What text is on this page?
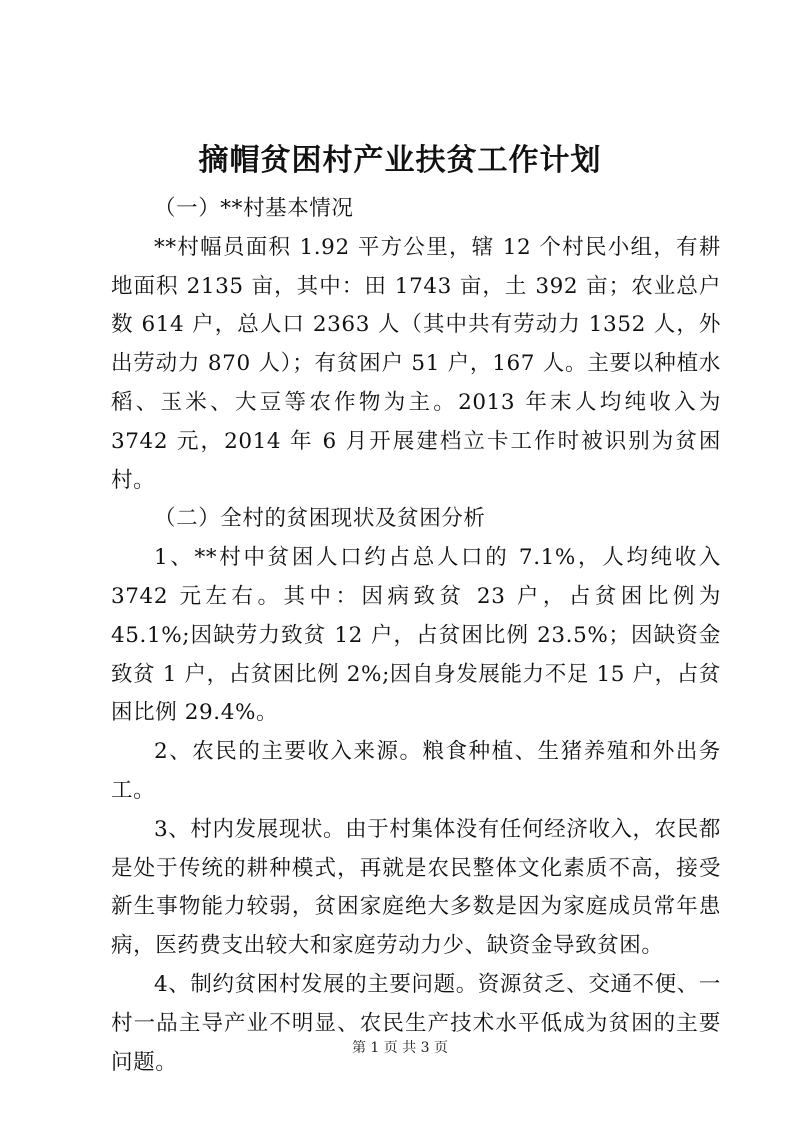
摘帽贫困村产业扶贫工作计划

（一）**村基本情况

**村幅员面积 1.92 平方公里，辖 12 个村民小组，有耕地面积 2135 亩，其中：田 1743 亩，土 392 亩；农业总户数 614 户，总人口 2363 人（其中共有劳动力 1352 人，外出劳动力 870 人）；有贫困户 51 户，167 人。主要以种植水稻、玉米、大豆等农作物为主。2013 年末人均纯收入为 3742 元，2014 年 6 月开展建档立卡工作时被识别为贫困村。

（二）全村的贫困现状及贫困分析

1、**村中贫困人口约占总人口的 7.1%，人均纯收入 3742 元左右。其中：因病致贫 23 户，占贫困比例为 45.1%;因缺劳力致贫 12 户，占贫困比例 23.5%；因缺资金致贫 1 户，占贫困比例 2%;因自身发展能力不足 15 户，占贫困比例 29.4%。

2、农民的主要收入来源。粮食种植、生猪养殖和外出务工。

3、村内发展现状。由于村集体没有任何经济收入，农民都是处于传统的耕种模式，再就是农民整体文化素质不高，接受新生事物能力较弱，贫困家庭绝大多数是因为家庭成员常年患病，医药费支出较大和家庭劳动力少、缺资金导致贫困。

4、制约贫困村发展的主要问题。资源贫乏、交通不便、一村一品主导产业不明显、农民生产技术水平低成为贫困的主要问题。

第 1 页 共 3 页
